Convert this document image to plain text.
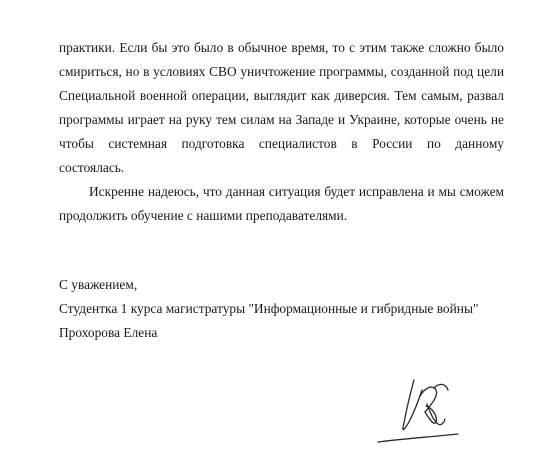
практики. Если бы это было в обычное время, то с этим также сложно было
смириться, но в условиях СВО уничтожение программы, созданной под цели
Специальной военной операции, выглядит как диверсия. Тем самым, развал
программы играет на руку тем силам на Западе и Украине, которые очень не
чтобы системная подготовка специалистов в России по данному
состоялась.
Искренне надеюсь, что данная ситуация будет исправлена и мы сможем
продолжить обучение с нашими преподавателями.
С уважением,
Студентка 1 курса магистратуры "Информационные и гибридные войны"
Прохорова Елена
